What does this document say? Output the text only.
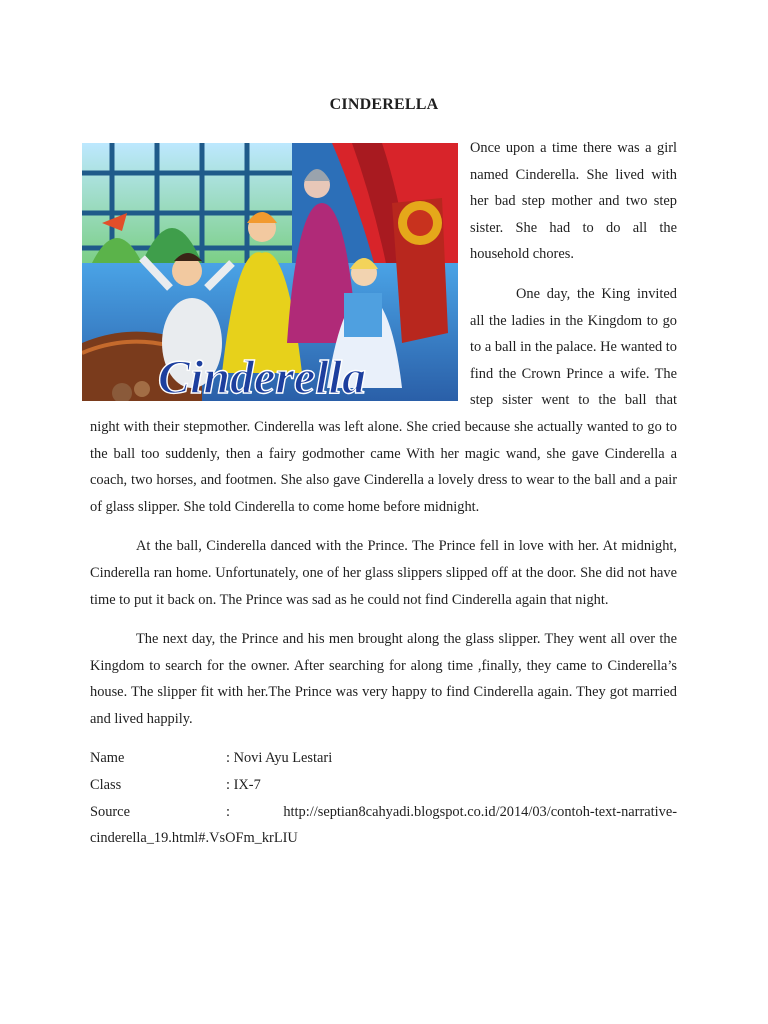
CINDERELLA
Cinderella

Once upon a time there was a girl named Cinderella. She lived with her bad step mother and two step sister. She had to do all the household chores.

One day, the King invited all the ladies in the Kingdom to go to a ball in the palace. He wanted to find the Crown Prince a wife. The step sister went to the ball that night with their stepmother. Cinderella was left alone. She cried because she actually wanted to go to the ball too suddenly, then a fairy godmother came With her magic wand, she gave Cinderella a coach, two horses, and footmen. She also gave Cinderella a lovely dress to wear to the ball and a pair of glass slipper. She told Cinderella to come home before midnight.

At the ball, Cinderella danced with the Prince. The Prince fell in love with her. At midnight, Cinderella ran home. Unfortunately, one of her glass slippers slipped off at the door. She did not have time to put it back on. The Prince was sad as he could not find Cinderella again that night.

The next day, the Prince and his men brought along the glass slipper. They went all over the Kingdom to search for the owner. After searching for along time ,finally, they came to Cinderella’s house. The slipper fit with her.The Prince was very happy to find Cinderella again. They got married and lived happily.

Name	: Novi Ayu Lestari
Class	: IX-7
Source	: http://septian8cahyadi.blogspot.co.id/2014/03/contoh-text-narrative-cinderella_19.html#.VsOFm_krLIU
